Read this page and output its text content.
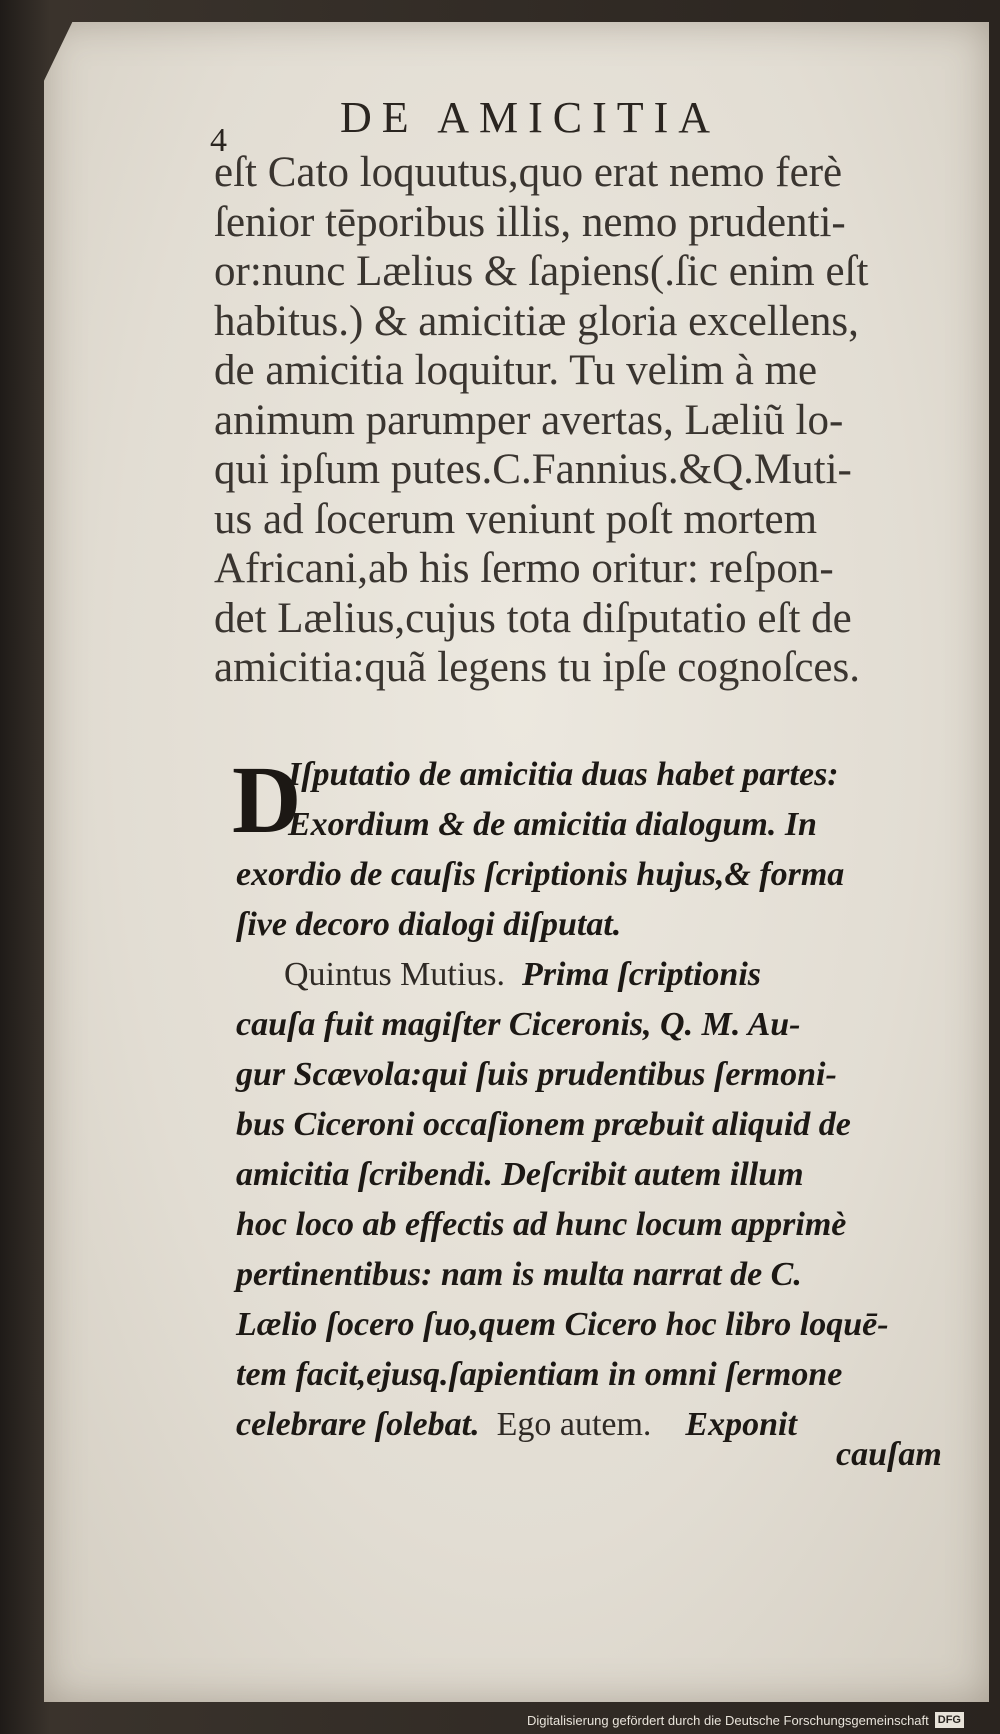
4	DE AMICITIA
eſt Cato loquutus,quo erat nemo ferè
ſenior tēporibus illis, nemo prudenti-
or:nunc Lælius & ſapiens(.ſic enim eſt
habitus.) & amicitiæ gloria excellens,
de amicitia loquitur. Tu velim à me
animum parumper avertas, Læliũ lo-
qui ipſum putes.C.Fannius.&Q.Muti-
us ad ſocerum veniunt poſt mortem
Africani,ab his ſermo oritur: reſpon-
det Lælius,cujus tota diſputatio eſt de
amicitia:quã legens tu ipſe cognoſces.
D
Iſputatio de amicitia duas habet partes:
Exordium & de amicitia dialogum. In
exordio de cauſis ſcriptionis hujus,& forma
ſive decoro dialogi diſputat.
Quintus Mutius. Prima ſcriptionis
cauſa fuit magiſter Ciceronis, Q. M. Au-
gur Scævola:qui ſuis prudentibus ſermoni-
bus Ciceroni occaſionem præbuit aliquid de
amicitia ſcribendi. Deſcribit autem illum
hoc loco ab effectis ad hunc locum apprimè
pertinentibus: nam is multa narrat de C.
Lælio ſocero ſuo,quem Cicero hoc libro loquē-
tem facit,ejusq.ſapientiam in omni ſermone
celebrare ſolebat. Ego autem. Exponit
cauſam
Digitalisierung gefördert durch die Deutsche Forschungsgemeinschaft DFG
